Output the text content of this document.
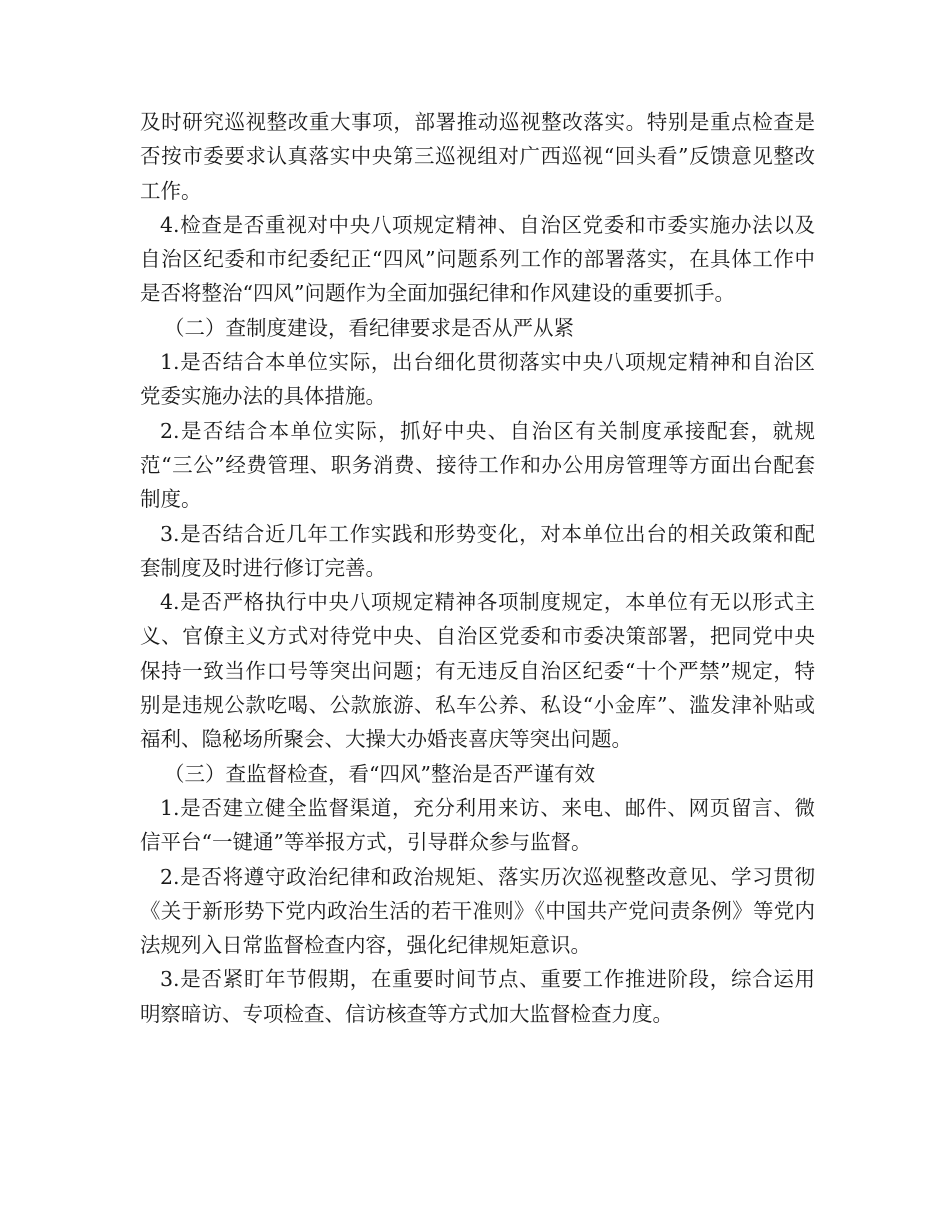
及时研究巡视整改重大事项，部署推动巡视整改落实。特别是重点检查是否按市委要求认真落实中央第三巡视组对广西巡视“回头看”反馈意见整改工作。

4.检查是否重视对中央八项规定精神、自治区党委和市委实施办法以及自治区纪委和市纪委纪正“四风”问题系列工作的部署落实，在具体工作中是否将整治“四风”问题作为全面加强纪律和作风建设的重要抓手。

（二）查制度建设，看纪律要求是否从严从紧

1.是否结合本单位实际，出台细化贯彻落实中央八项规定精神和自治区党委实施办法的具体措施。

2.是否结合本单位实际，抓好中央、自治区有关制度承接配套，就规范“三公”经费管理、职务消费、接待工作和办公用房管理等方面出台配套制度。

3.是否结合近几年工作实践和形势变化，对本单位出台的相关政策和配套制度及时进行修订完善。

4.是否严格执行中央八项规定精神各项制度规定，本单位有无以形式主义、官僚主义方式对待党中央、自治区党委和市委决策部署，把同党中央保持一致当作口号等突出问题；有无违反自治区纪委“十个严禁”规定，特别是违规公款吃喝、公款旅游、私车公养、私设“小金库”、滥发津补贴或福利、隐秘场所聚会、大操大办婚丧喜庆等突出问题。

（三）查监督检查，看“四风”整治是否严谨有效

1.是否建立健全监督渠道，充分利用来访、来电、邮件、网页留言、微信平台“一键通”等举报方式，引导群众参与监督。

2.是否将遵守政治纪律和政治规矩、落实历次巡视整改意见、学习贯彻《关于新形势下党内政治生活的若干准则》《中国共产党问责条例》等党内法规列入日常监督检查内容，强化纪律规矩意识。

3.是否紧盯年节假期，在重要时间节点、重要工作推进阶段，综合运用明察暗访、专项检查、信访核查等方式加大监督检查力度。
